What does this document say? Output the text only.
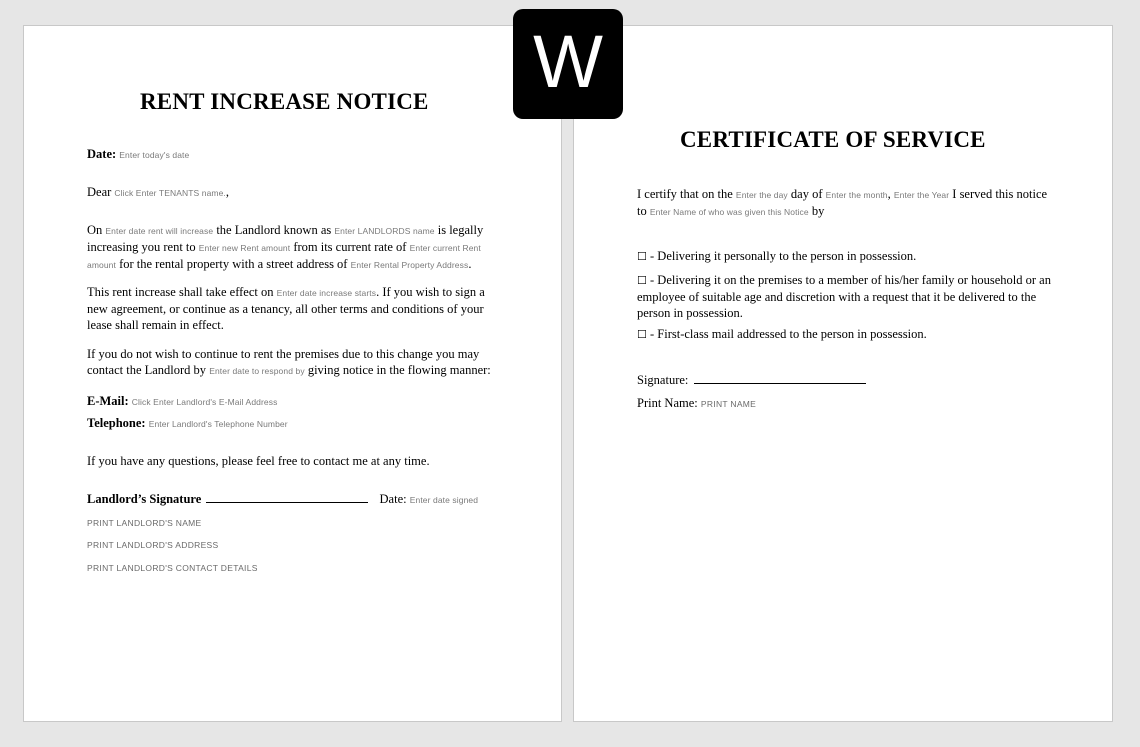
RENT INCREASE NOTICE
Date: Enter today's date
Dear Click Enter TENANTS name.,
On Enter date rent will increase the Landlord known as Enter LANDLORDS name is legally increasing you rent to Enter new Rent amount from its current rate of Enter current Rent amount for the rental property with a street address of Enter Rental Property Address.
This rent increase shall take effect on Enter date increase starts. If you wish to sign a new agreement, or continue as a tenancy, all other terms and conditions of your lease shall remain in effect.
If you do not wish to continue to rent the premises due to this change you may contact the Landlord by Enter date to respond by giving notice in the flowing manner:
E-Mail: Click Enter Landlord's E-Mail Address
Telephone: Enter Landlord's Telephone Number
If you have any questions, please feel free to contact me at any time.
Landlord’s Signature	Date: Enter date signed
PRINT LANDLORD'S NAME
PRINT LANDLORD'S ADDRESS
PRINT LANDLORD'S CONTACT DETAILS
CERTIFICATE OF SERVICE
I certify that on the Enter the day day of Enter the month, Enter the Year I served this notice to Enter Name of who was given this Notice by
☐ - Delivering it personally to the person in possession.
☐ - Delivering it on the premises to a member of his/her family or household or an employee of suitable age and discretion with a request that it be delivered to the person in possession.
☐ - First-class mail addressed to the person in possession.
Signature:
Print Name: PRINT NAME
W
